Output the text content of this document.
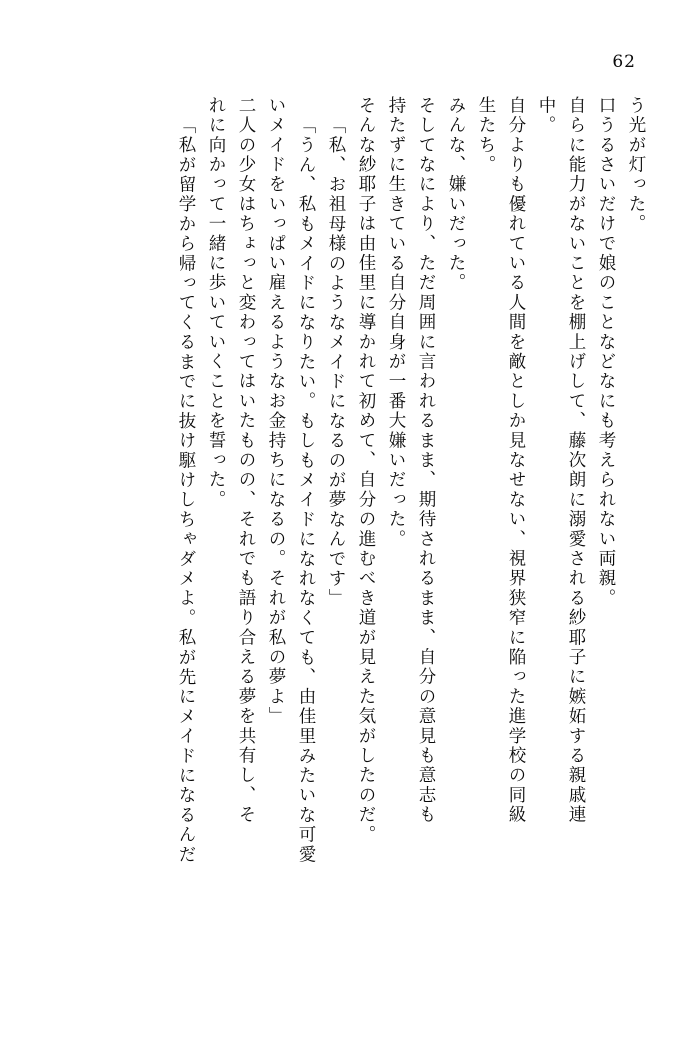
62
う光が灯った。
口うるさいだけで娘のことなどなにも考えられない両親。
自らに能力がないことを棚上げして、藤次朗に溺愛される紗耶子に嫉妬する親戚連
中。
自分よりも優れている人間を敵としか見なせない、視界狭窄に陥った進学校の同級
生たち。
みんな、嫌いだった。
そしてなにより、ただ周囲に言われるまま、期待されるまま、自分の意見も意志も
持たずに生きている自分自身が一番大嫌いだった。
そんな紗耶子は由佳里に導かれて初めて、自分の進むべき道が見えた気がしたのだ。
「私、お祖母様のようなメイドになるのが夢なんです」
「うん、私もメイドになりたい。もしもメイドになれなくても、由佳里みたいな可愛
いメイドをいっぱい雇えるようなお金持ちになるの。それが私の夢よ」
二人の少女はちょっと変わってはいたものの、それでも語り合える夢を共有し、そ
れに向かって一緒に歩いていくことを誓った。
「私が留学から帰ってくるまでに抜け駆けしちゃダメよ。私が先にメイドになるんだ
